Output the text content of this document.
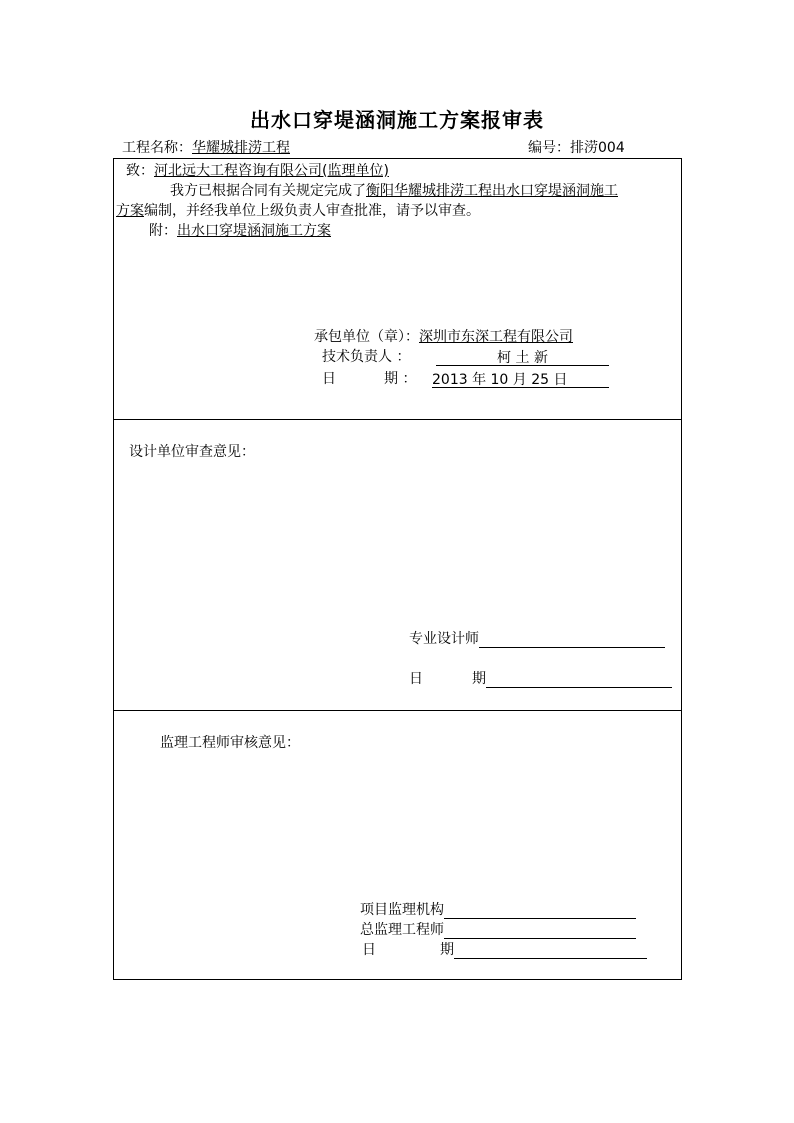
出水口穿堤涵洞施工方案报审表
工程名称：华耀城排涝工程	编号：排涝004
致：河北远大工程咨询有限公司(监理单位)
我方已根据合同有关规定完成了衡阳华耀城排涝工程出水口穿堤涵洞施工
方案编制，并经我单位上级负责人审查批准，请予以审查。
附：出水口穿堤涵洞施工方案
承包单位（章）：深圳市东深工程有限公司
技术负责人 ：	柯 土 新
日	期 ： 2013 年 10 月 25 日
设计单位审查意见：
专业设计师
日	期
监理工程师审核意见：
项目监理机构
总监理工程师
日	期
